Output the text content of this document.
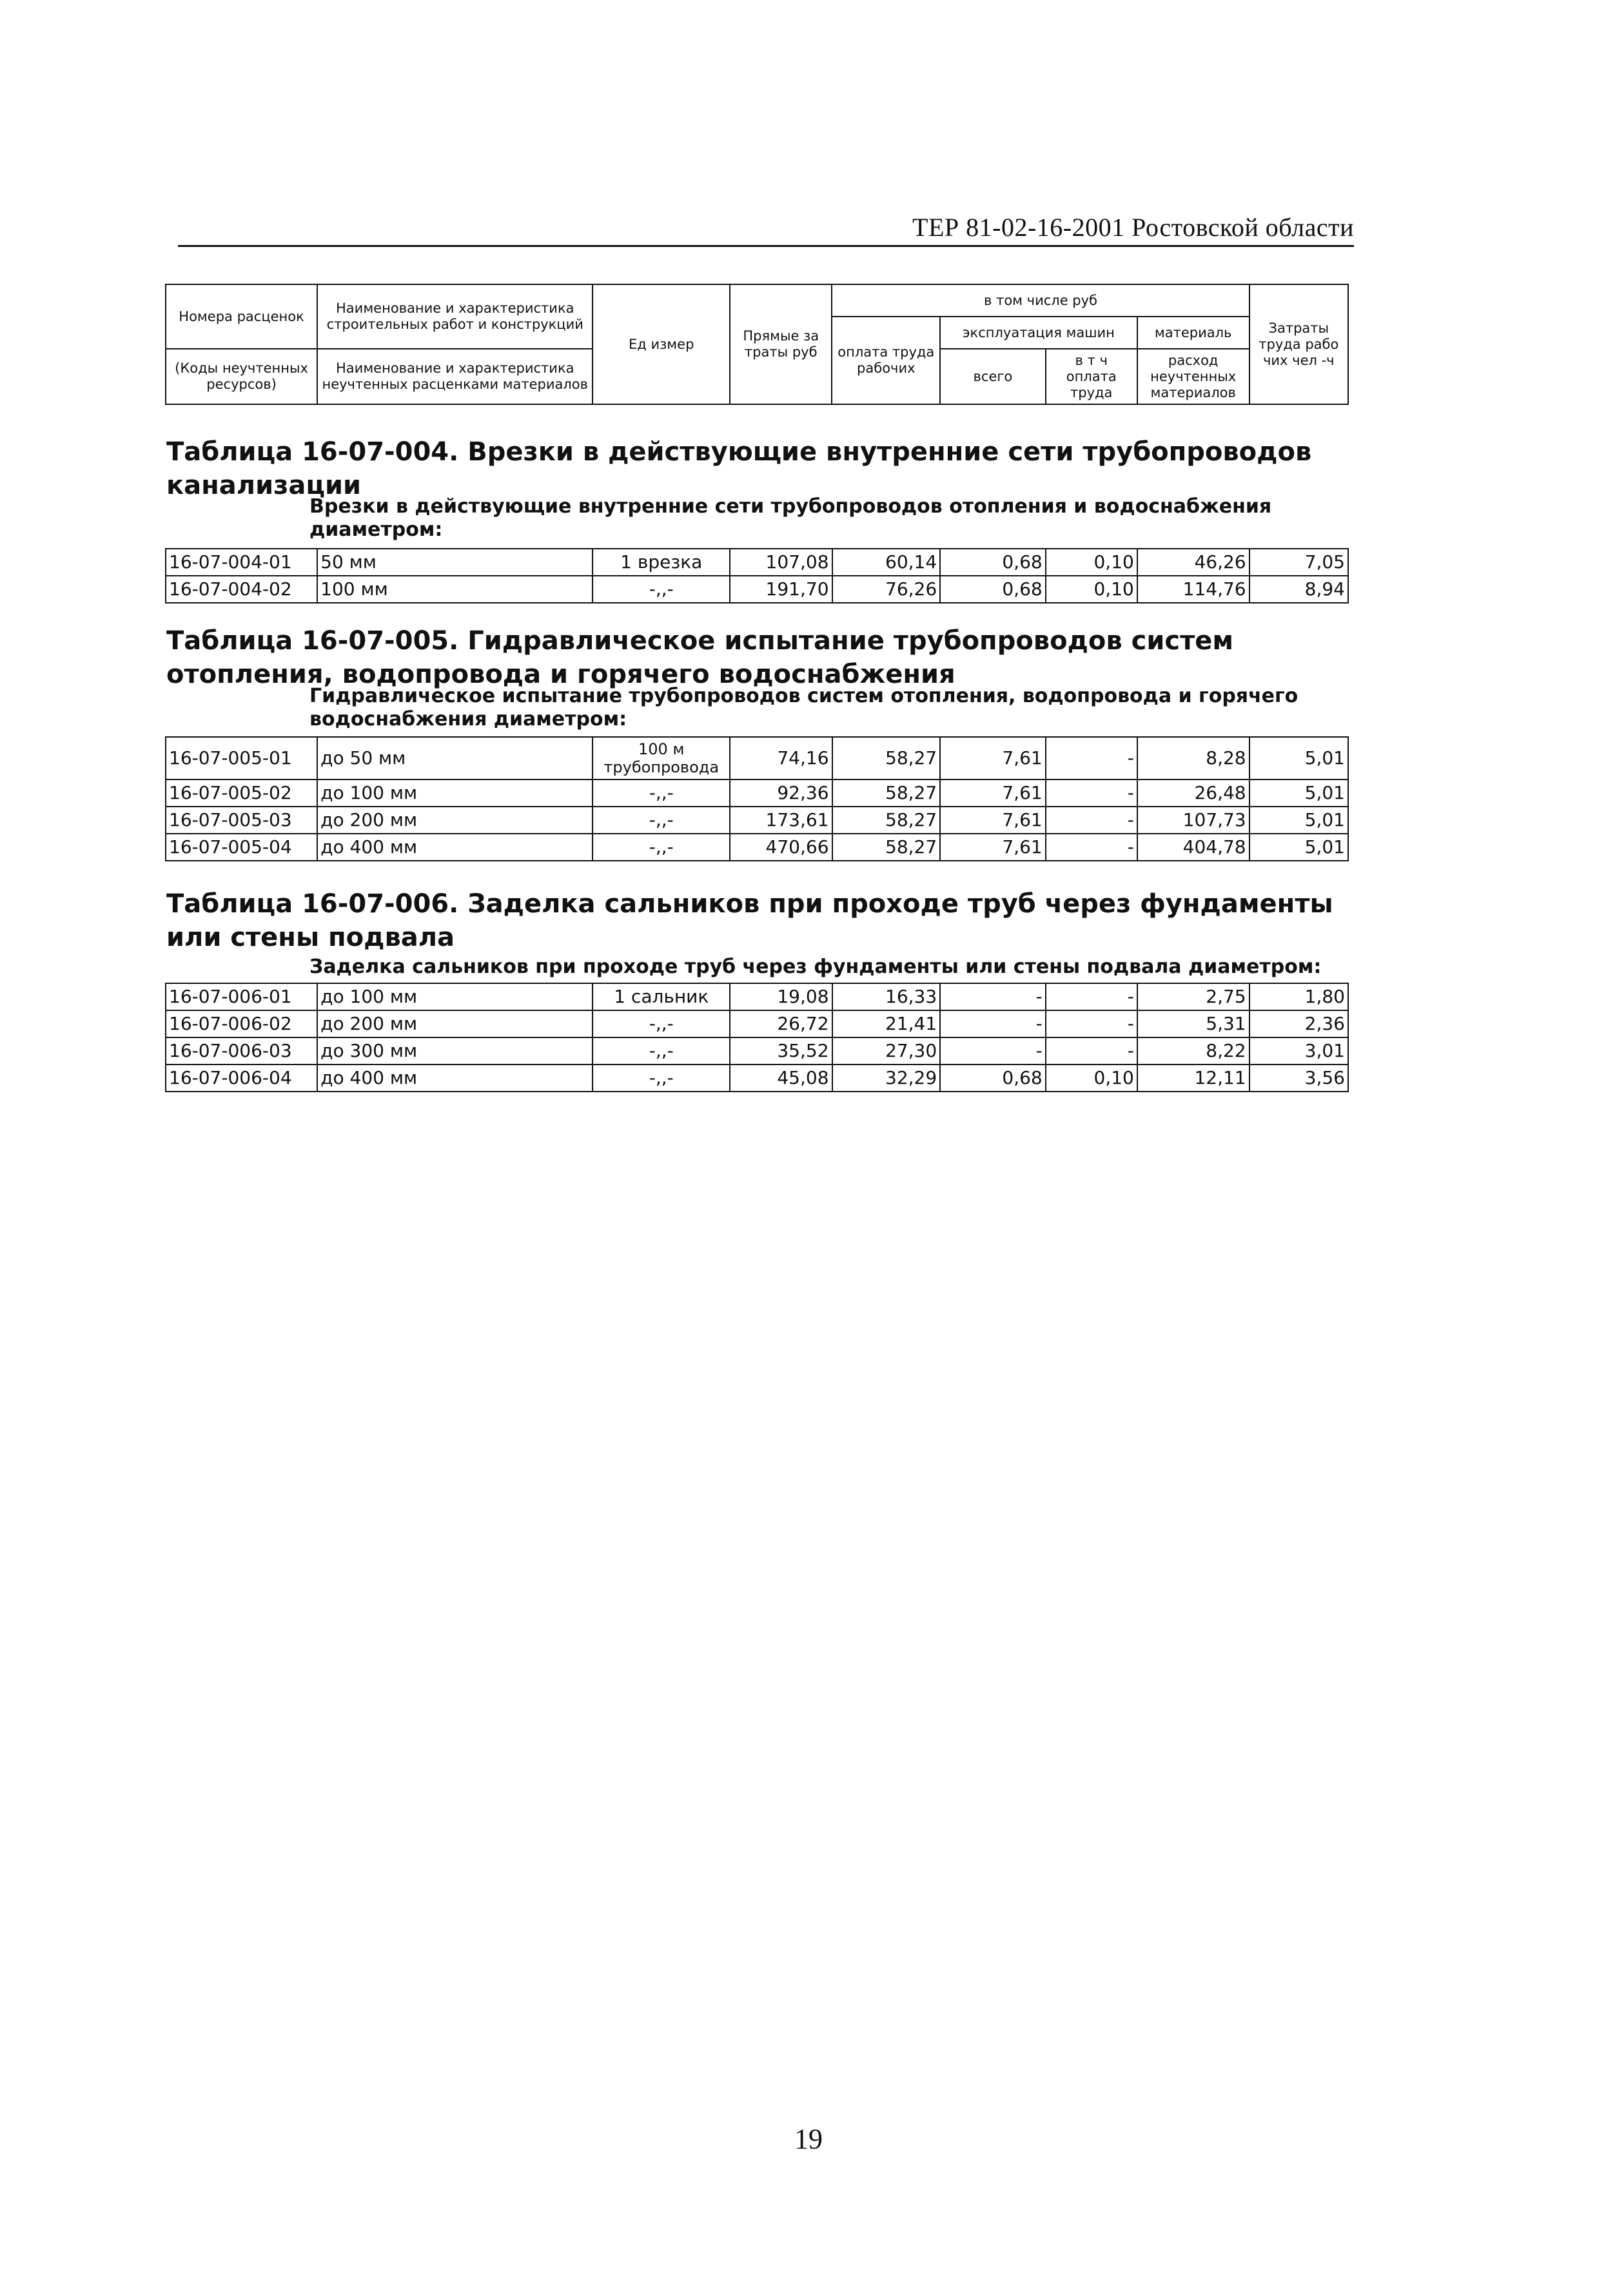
ТЕР 81-02-16-2001 Ростовской области
Номера расценок	Наименование и характеристика строительных работ и конструкций	Ед измер	Прямые за траты руб	в том числе руб				Затраты труда рабо чих чел -ч
				оплата труда рабочих	эксплуатация машин		материаль	
(Коды неучтенных ресурсов)	Наименование и характеристика неучтенных расценками материалов				всего	в т ч оплата труда	расход неучтенных материалов	

Таблица 16-07-004. Врезки в действующие внутренние сети трубопроводов канализации
Врезки в действующие внутренние сети трубопроводов отопления и водоснабжения диаметром:
16-07-004-01	50 мм	1 врезка	107,08	60,14	0,68	0,10	46,26	7,05
16-07-004-02	100 мм	-,,-	191,70	76,26	0,68	0,10	114,76	8,94
Таблица 16-07-005. Гидравлическое испытание трубопроводов систем отопления, водопровода и горячего водоснабжения
Гидравлическое испытание трубопроводов систем отопления, водопровода и горячего водоснабжения диаметром:
16-07-005-01	до 50 мм	100 м трубопровода	74,16	58,27	7,61	-	8,28	5,01
16-07-005-02	до 100 мм	-,,-	92,36	58,27	7,61	-	26,48	5,01
16-07-005-03	до 200 мм	-,,-	173,61	58,27	7,61	-	107,73	5,01
16-07-005-04	до 400 мм	-,,-	470,66	58,27	7,61	-	404,78	5,01
Таблица 16-07-006. Заделка сальников при проходе труб через фундаменты или стены подвала
Заделка сальников при проходе труб через фундаменты или стены подвала диаметром:
16-07-006-01	до 100 мм	1 сальник	19,08	16,33	-	-	2,75	1,80
16-07-006-02	до 200 мм	-,,-	26,72	21,41	-	-	5,31	2,36
16-07-006-03	до 300 мм	-,,-	35,52	27,30	-	-	8,22	3,01
16-07-006-04	до 400 мм	-,,-	45,08	32,29	0,68	0,10	12,11	3,56
19
